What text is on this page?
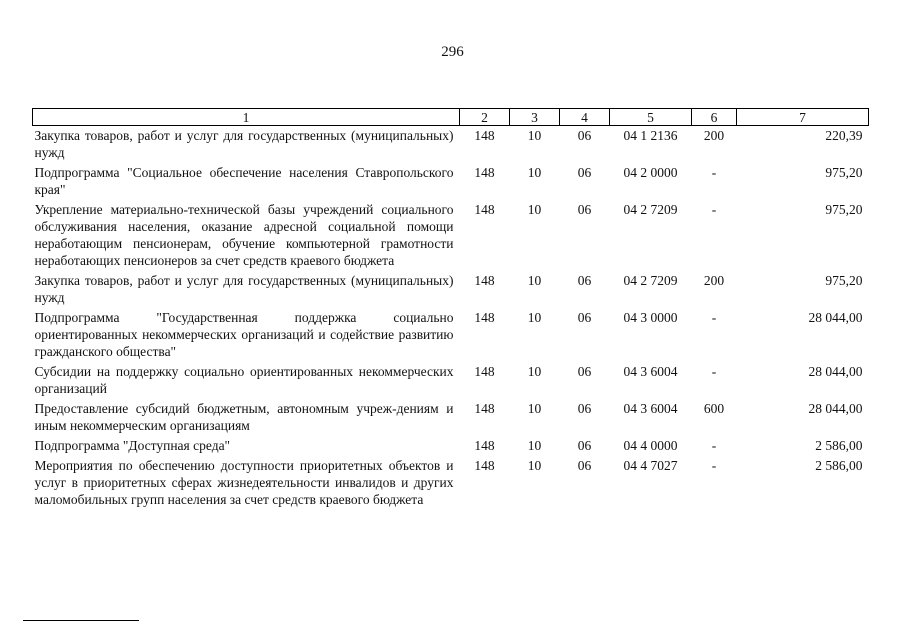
296
1	2	3	4	5	6	7
Закупка товаров, работ и услуг для государственных (муниципальных) нужд	148	10	06	04 1 2136	200	220,39
Подпрограмма "Социальное обеспечение населения Ставропольского края"	148	10	06	04 2 0000	-	975,20
Укрепление материально-технической базы учреждений социального обслуживания населения, оказание адресной социальной помощи неработающим пенсионерам, обучение компьютерной грамотности неработающих пенсионеров за счет средств краевого бюджета	148	10	06	04 2 7209	-	975,20
Закупка товаров, работ и услуг для государственных (муниципальных) нужд	148	10	06	04 2 7209	200	975,20
Подпрограмма "Государственная поддержка социально ориентированных некоммерческих организаций и содействие развитию гражданского общества"	148	10	06	04 3 0000	-	28 044,00
Субсидии на поддержку социально ориентированных некоммерческих организаций	148	10	06	04 3 6004	-	28 044,00
Предоставление субсидий бюджетным, автономным учреж-дениям и иным некоммерческим организациям	148	10	06	04 3 6004	600	28 044,00
Подпрограмма "Доступная среда"	148	10	06	04 4 0000	-	2 586,00
Мероприятия по обеспечению доступности приоритетных объектов и услуг в приоритетных сферах жизнедеятельности инвалидов и других маломобильных групп населения за счет средств краевого бюджета	148	10	06	04 4 7027	-	2 586,00
